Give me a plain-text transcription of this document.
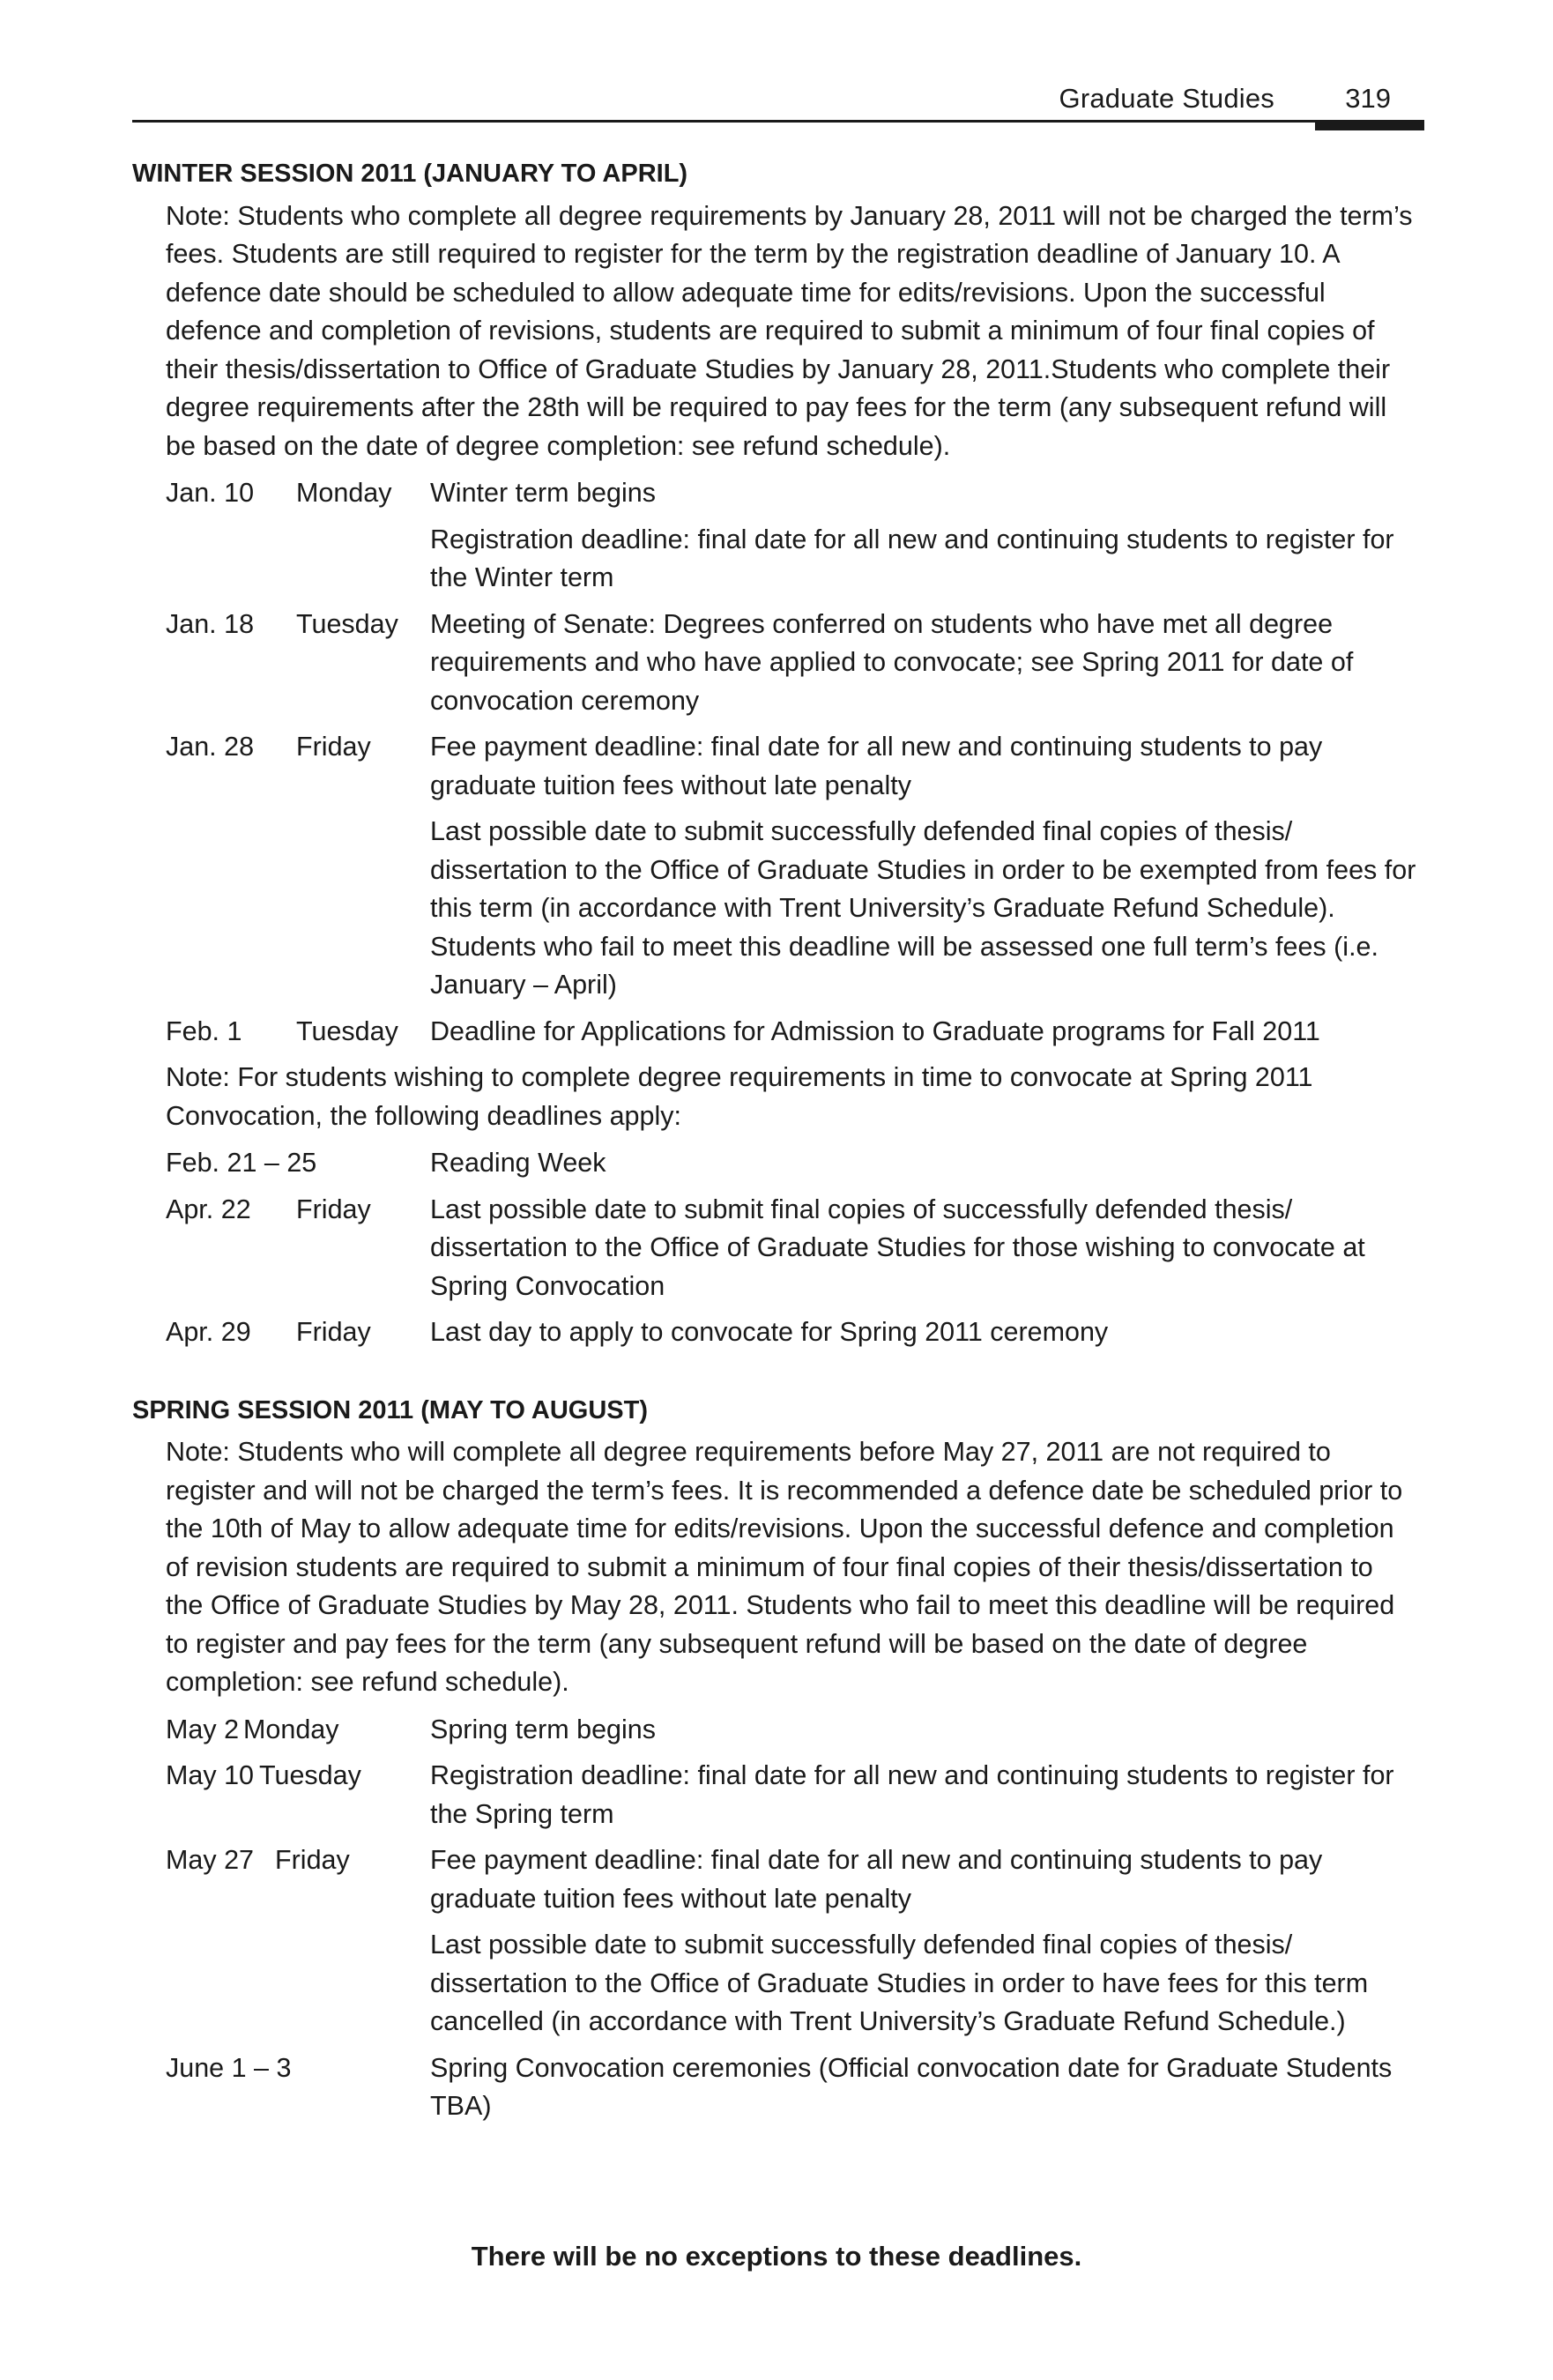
Graduate Studies	319
WINTER SESSION 2011 (JANUARY TO APRIL)
Note: Students who complete all degree requirements by January 28, 2011 will not be charged the term’s fees. Students are still required to register for the term by the registration deadline of January 10. A defence date should be scheduled to allow adequate time for edits/revisions. Upon the successful defence and completion of revisions, students are required to submit a minimum of four final copies of their thesis/dissertation to Office of Graduate Studies by January 28, 2011.Students who complete their degree requirements after the 28th will be required to pay fees for the term (any subsequent refund will be based on the date of degree completion: see refund schedule).
Jan. 10 Monday Winter term begins

Registration deadline: final date for all new and continuing students to register for the Winter term

Jan. 18 Tuesday Meeting of Senate: Degrees conferred on students who have met all degree requirements and who have applied to convocate; see Spring 2011 for date of convocation ceremony

Jan. 28 Friday Fee payment deadline: final date for all new and continuing students to pay graduate tuition fees without late penalty

Last possible date to submit successfully defended final copies of thesis/ dissertation to the Office of Graduate Studies in order to be exempted from fees for this term (in accordance with Trent University’s Graduate Refund Schedule). Students who fail to meet this deadline will be assessed one full term’s fees (i.e. January – April)

Feb. 1 Tuesday Deadline for Applications for Admission to Graduate programs for Fall 2011

Note: For students wishing to complete degree requirements in time to convocate at Spring 2011 Convocation, the following deadlines apply:
Feb. 21 – 25	Reading Week

Apr. 22 Friday Last possible date to submit final copies of successfully defended thesis/ dissertation to the Office of Graduate Studies for those wishing to convocate at Spring Convocation

Apr. 29 Friday Last day to apply to convocate for Spring 2011 ceremony

SPRING SESSION 2011 (MAY TO AUGUST)
Note: Students who will complete all degree requirements before May 27, 2011 are not required to register and will not be charged the term’s fees. It is recommended a defence date be scheduled prior to the 10th of May to allow adequate time for edits/revisions. Upon the successful defence and completion of revision students are required to submit a minimum of four final copies of their thesis/dissertation to the Office of Graduate Studies by May 28, 2011. Students who fail to meet this deadline will be required to register and pay fees for the term (any subsequent refund will be based on the date of degree completion: see refund schedule).
May 2 Monday	Spring term begins

May 10 Tuesday	Registration deadline: final date for all new and continuing students to register for the Spring term

May 27 Friday	Fee payment deadline: final date for all new and continuing students to pay graduate tuition fees without late penalty

Last possible date to submit successfully defended final copies of thesis/ dissertation to the Office of Graduate Studies in order to have fees for this term cancelled (in accordance with Trent University’s Graduate Refund Schedule.)

June 1 – 3	Spring Convocation ceremonies (Official convocation date for Graduate Students TBA)

There will be no exceptions to these deadlines.
